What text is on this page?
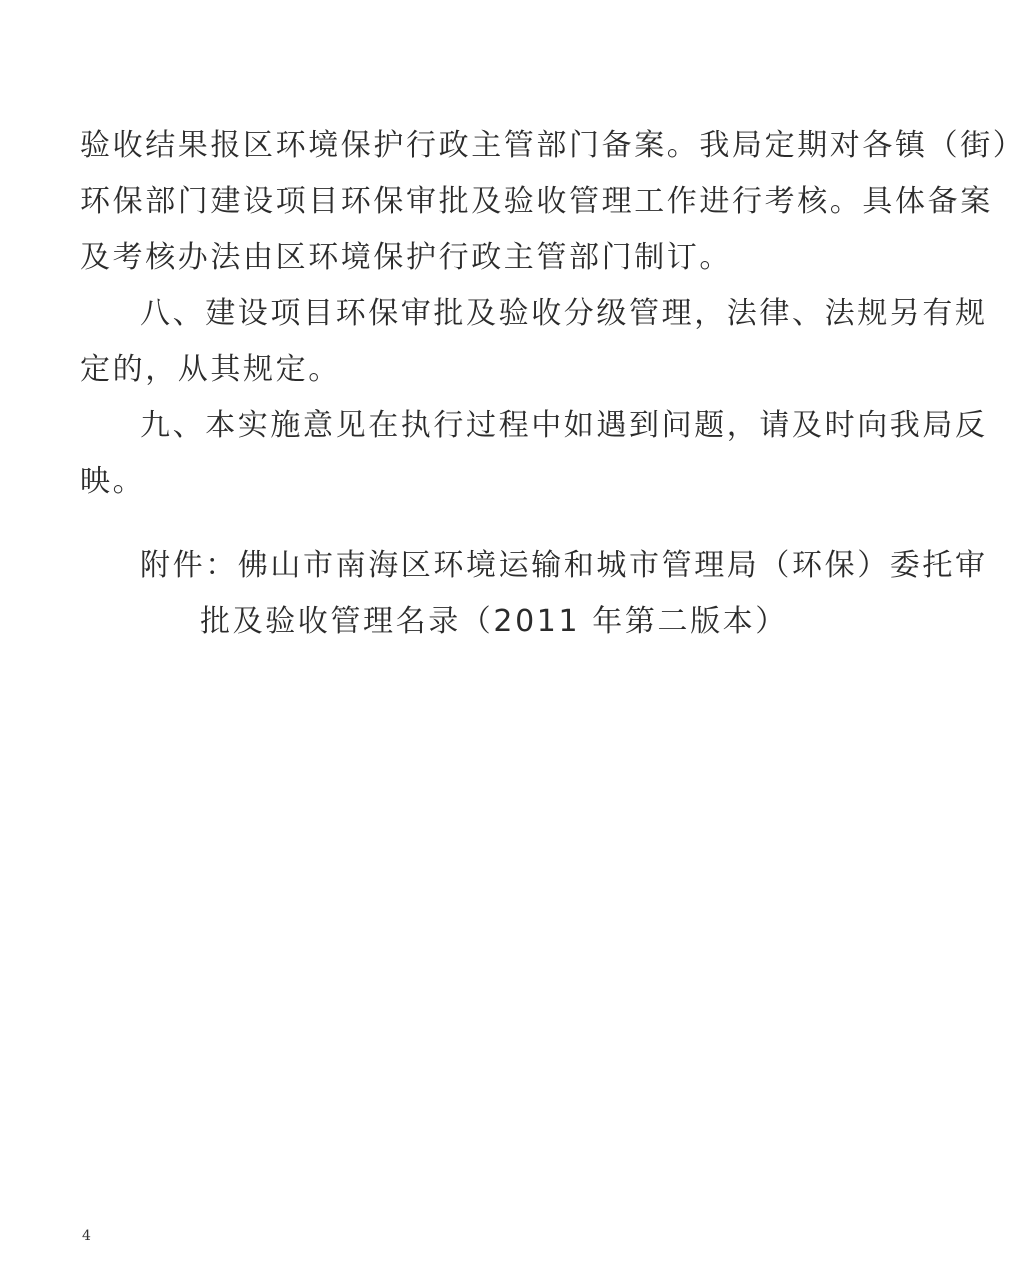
验收结果报区环境保护行政主管部门备案。我局定期对各镇（街）
环保部门建设项目环保审批及验收管理工作进行考核。具体备案
及考核办法由区环境保护行政主管部门制订。
八、建设项目环保审批及验收分级管理，法律、法规另有规
定的，从其规定。
九、本实施意见在执行过程中如遇到问题，请及时向我局反
映。
附件：佛山市南海区环境运输和城市管理局（环保）委托审
批及验收管理名录（2011 年第二版本）
4
